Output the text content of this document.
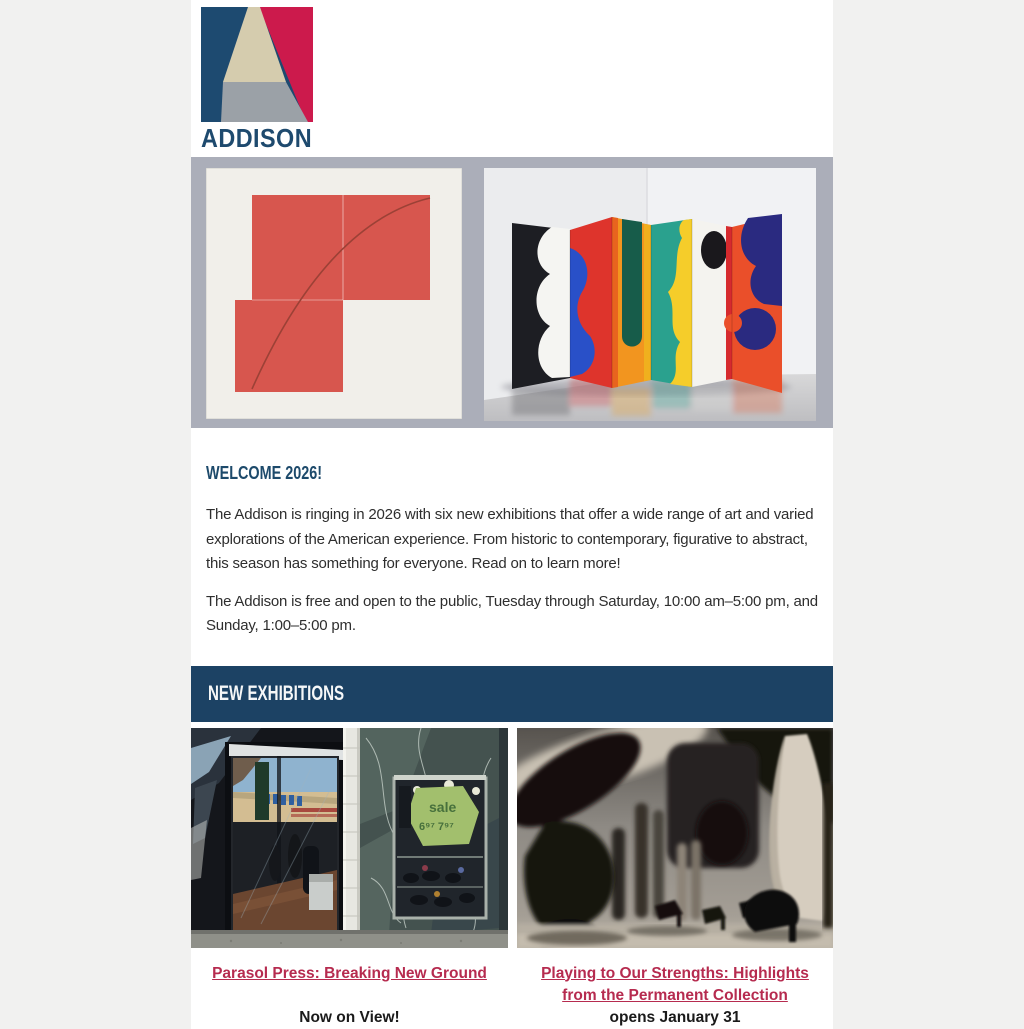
ADDISON
WELCOME 2026!

The Addison is ringing in 2026 with six new exhibitions that offer a wide range of art and varied explorations of the American experience. From historic to contemporary, figurative to abstract, this season has something for everyone. Read on to learn more!

The Addison is free and open to the public, Tuesday through Saturday, 10:00 am–5:00 pm, and Sunday, 1:00–5:00 pm.

NEW EXHIBITIONS
sale
6⁹⁷ 7⁹⁷
Parasol Press: Breaking New Ground
Now on View!
Playing to Our Strengths: Highlights
from the Permanent Collection
opens January 31
